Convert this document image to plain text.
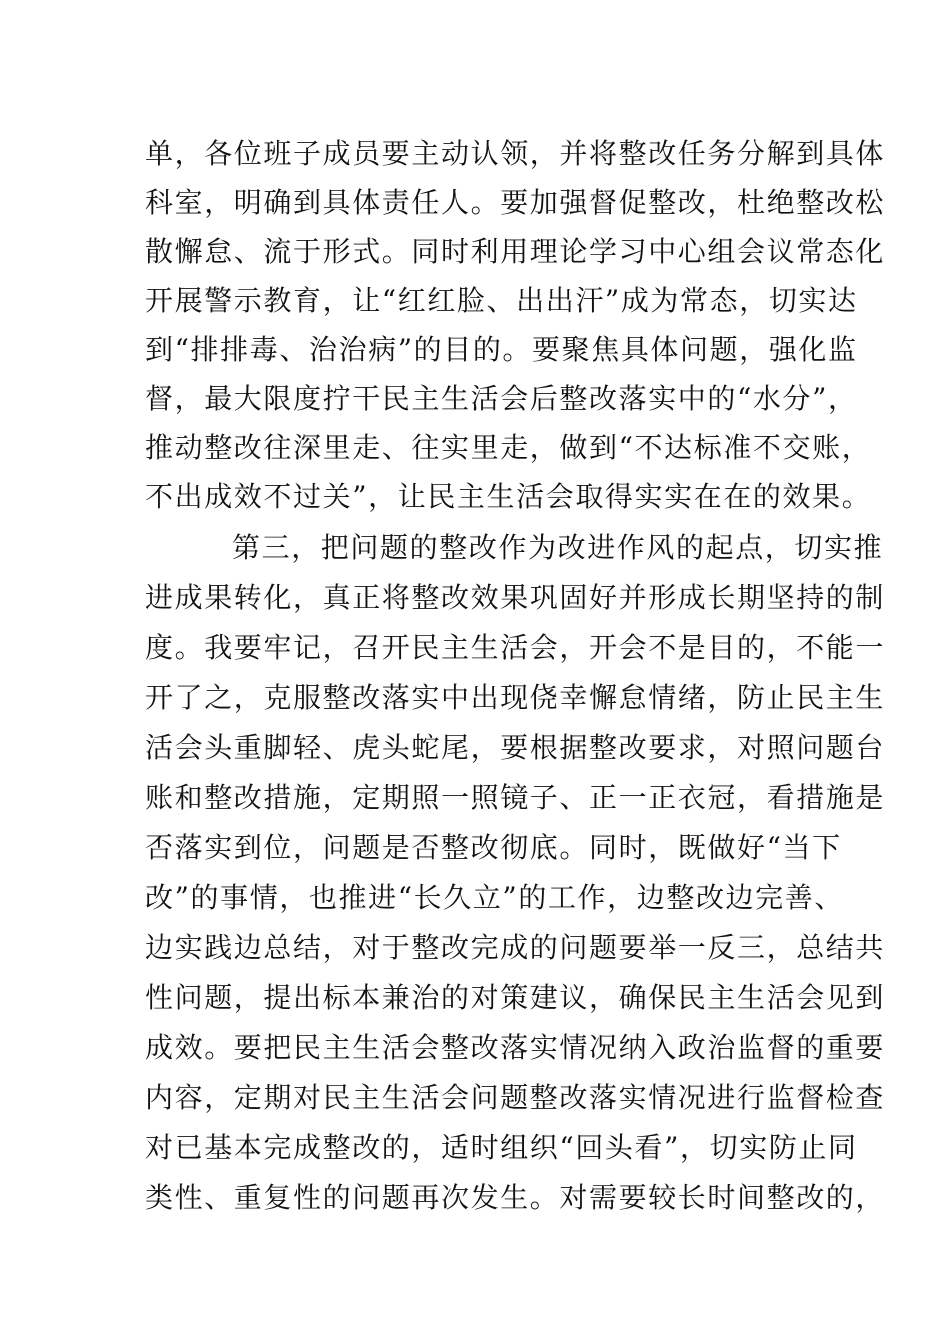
单，各位班子成员要主动认领，并将整改任务分解到具体
科室，明确到具体责任人。要加强督促整改，杜绝整改松
散懈怠、流于形式。同时利用理论学习中心组会议常态化
开展警示教育，让“红红脸、出出汗”成为常态，切实达
到“排排毒、治治病”的目的。要聚焦具体问题，强化监
督，最大限度拧干民主生活会后整改落实中的“水分”，
推动整改往深里走、往实里走，做到“不达标准不交账，
不出成效不过关”，让民主生活会取得实实在在的效果。
第三，把问题的整改作为改进作风的起点，切实推
进成果转化，真正将整改效果巩固好并形成长期坚持的制
度。我要牢记，召开民主生活会，开会不是目的，不能一
开了之，克服整改落实中出现侥幸懈怠情绪，防止民主生
活会头重脚轻、虎头蛇尾，要根据整改要求，对照问题台
账和整改措施，定期照一照镜子、正一正衣冠，看措施是
否落实到位，问题是否整改彻底。同时，既做好“当下
改”的事情，也推进“长久立”的工作，边整改边完善、
边实践边总结，对于整改完成的问题要举一反三，总结共
性问题，提出标本兼治的对策建议，确保民主生活会见到
成效。要把民主生活会整改落实情况纳入政治监督的重要
内容，定期对民主生活会问题整改落实情况进行监督检查
对已基本完成整改的，适时组织“回头看”，切实防止同
类性、重复性的问题再次发生。对需要较长时间整改的，
